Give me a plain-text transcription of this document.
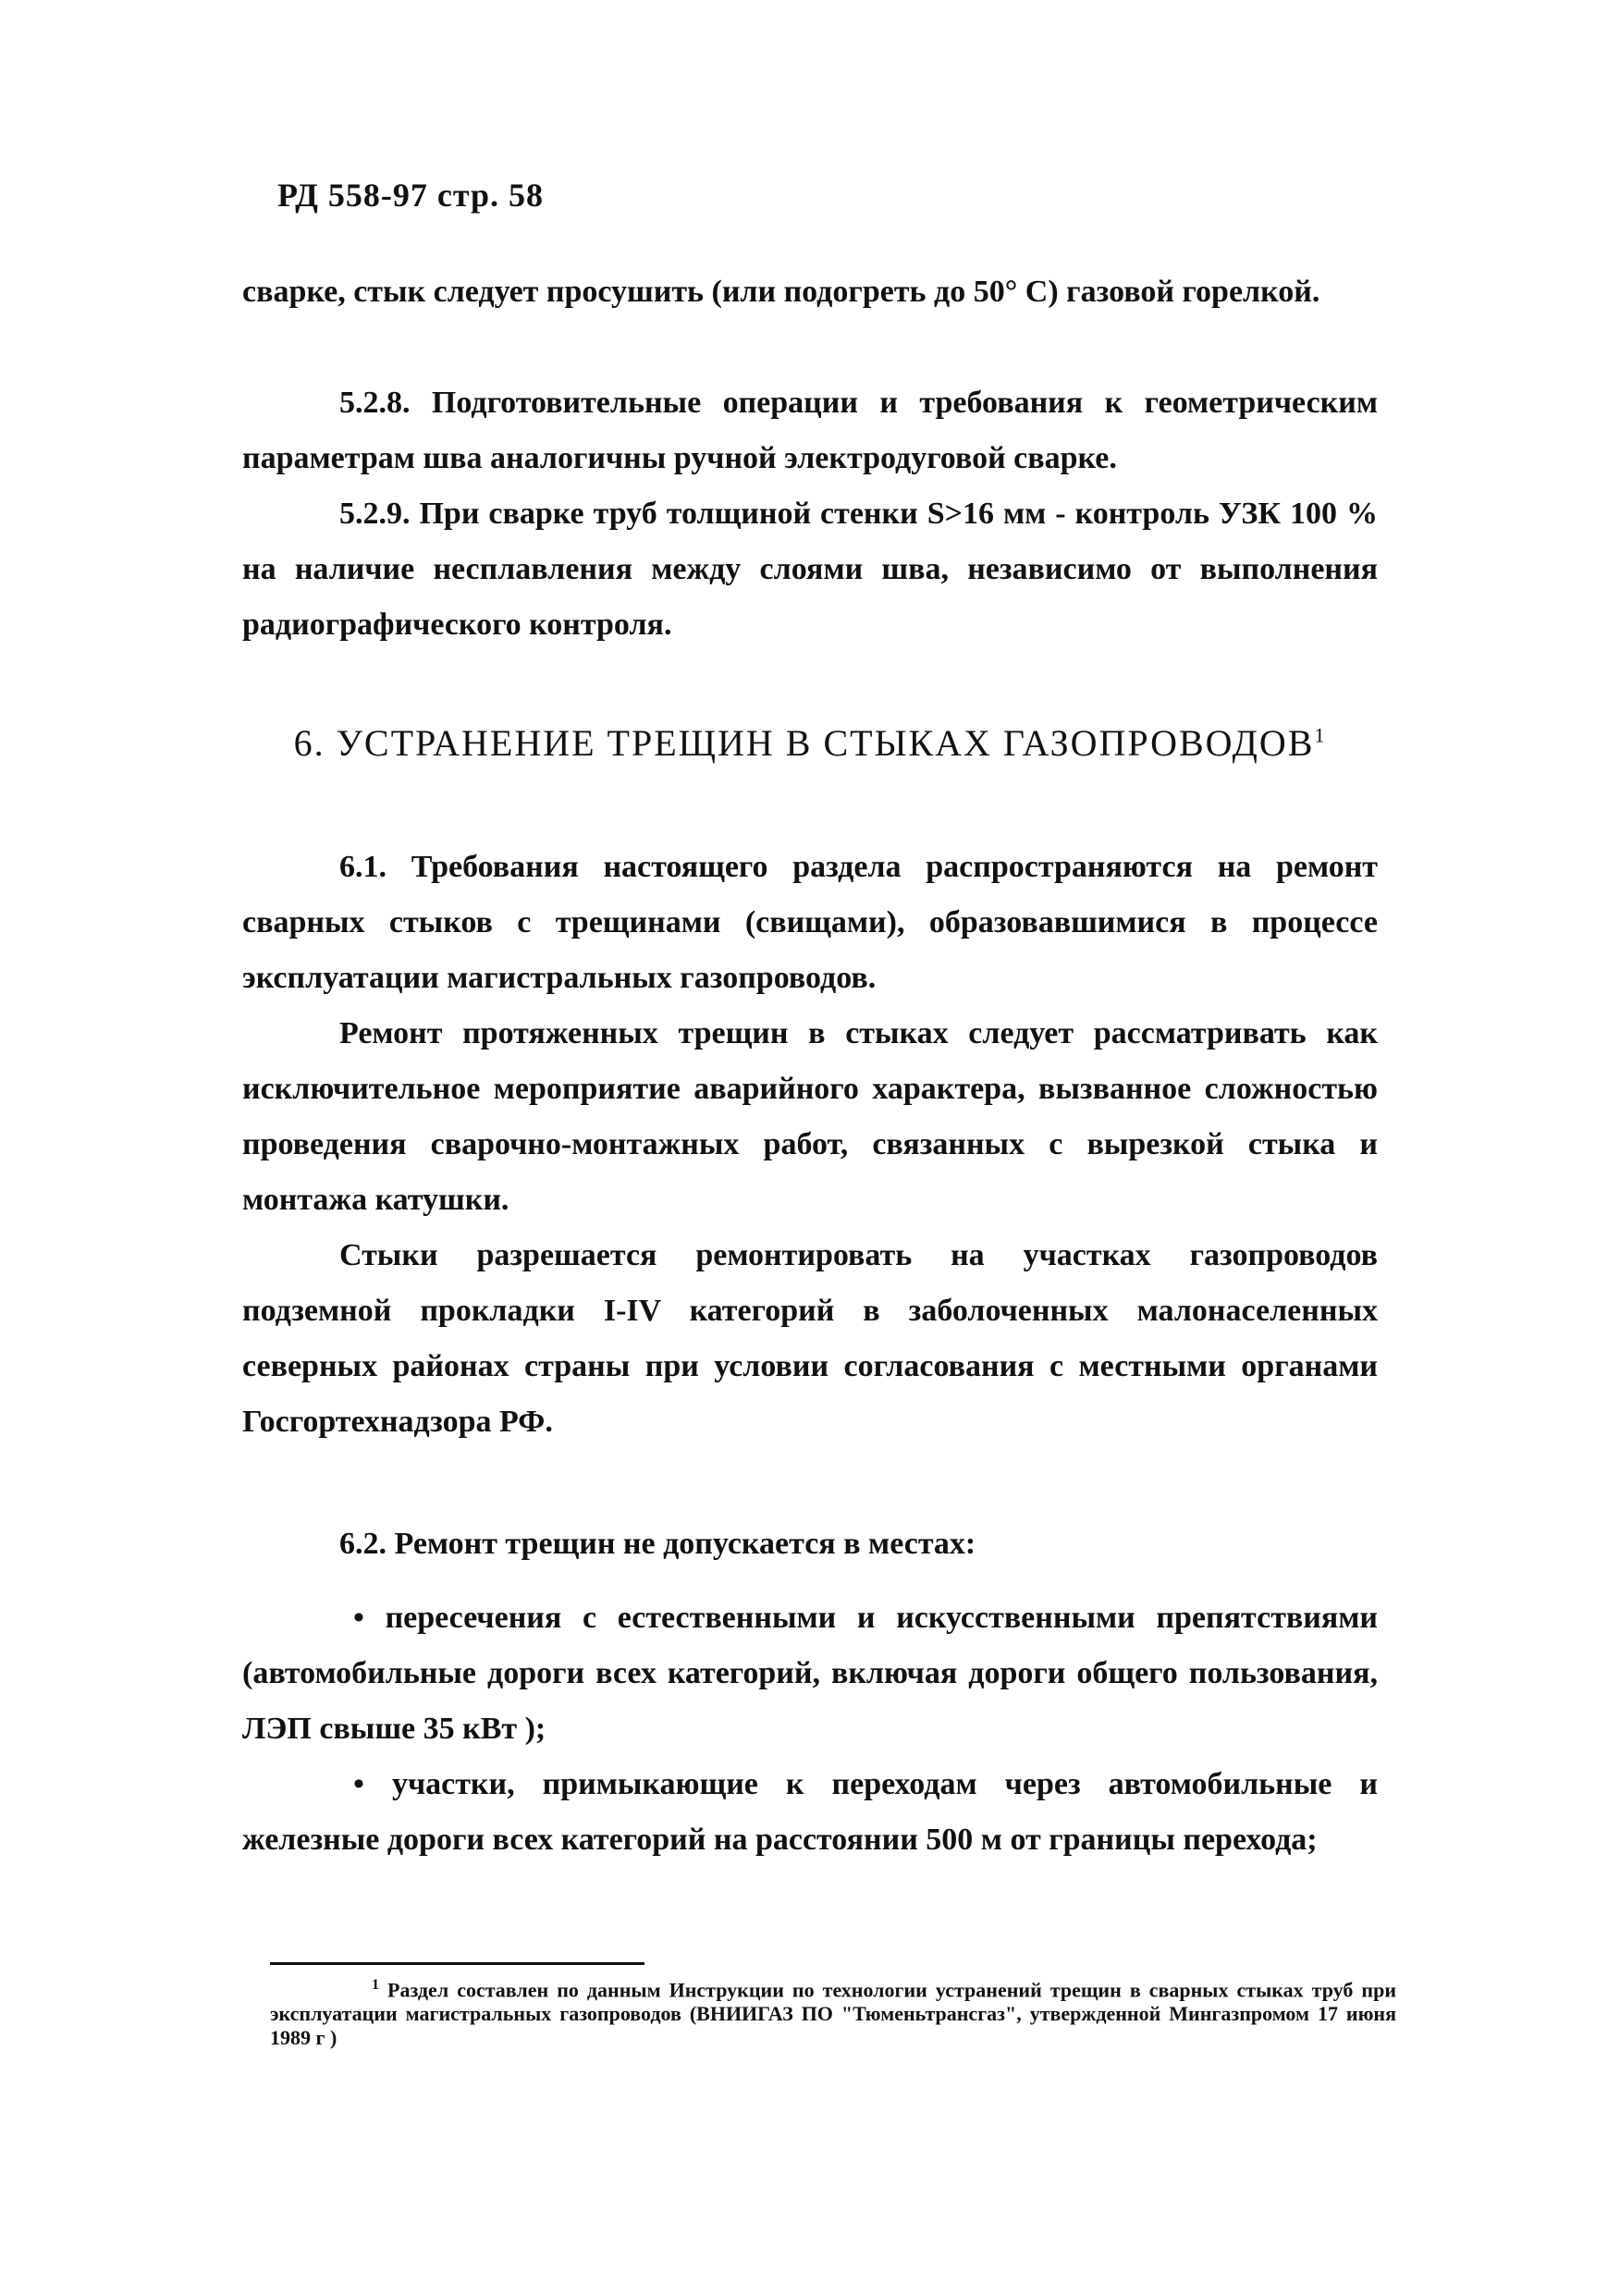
РД 558-97 стр. 58
сварке, стык следует просушить (или подогреть до 50° С) газовой горелкой.
5.2.8. Подготовительные операции и требования к геометрическим параметрам шва аналогичны ручной электродуговой сварке.
5.2.9. При сварке труб толщиной стенки S>16 мм - контроль УЗК 100 % на наличие несплавления между слоями шва, независимо от выполнения радиографического контроля.
6. УСТРАНЕНИЕ ТРЕЩИН В СТЫКАХ ГАЗОПРОВОДОВ$^1$
6.1. Требования настоящего раздела распространяются на ремонт сварных стыков с трещинами (свищами), образовавшимися в процессе эксплуатации магистральных газопроводов.
Ремонт протяженных трещин в стыках следует рассматривать как исключительное мероприятие аварийного характера, вызванное сложностью проведения сварочно-монтажных работ, связанных с вырезкой стыка и монтажа катушки.
Стыки разрешается ремонтировать на участках газопроводов подземной прокладки I-IV категорий в заболоченных малонаселенных северных районах страны при условии согласования с местными органами Госгортехнадзора РФ.
6.2. Ремонт трещин не допускается в местах:
• пересечения с естественными и искусственными препятствиями (автомобильные дороги всех категорий, включая дороги общего пользования, ЛЭП свыше 35 кВт );
• участки, примыкающие к переходам через автомобильные и железные дороги всех категорий на расстоянии 500 м от границы перехода;
$^1$ Раздел составлен по данным Инструкции по технологии устранений трещин в сварных стыках труб при эксплуатации магистральных газопроводов (ВНИИГАЗ ПО "Тюменьтрансгаз", утвержденной Мингазпромом 17 июня 1989 г )
